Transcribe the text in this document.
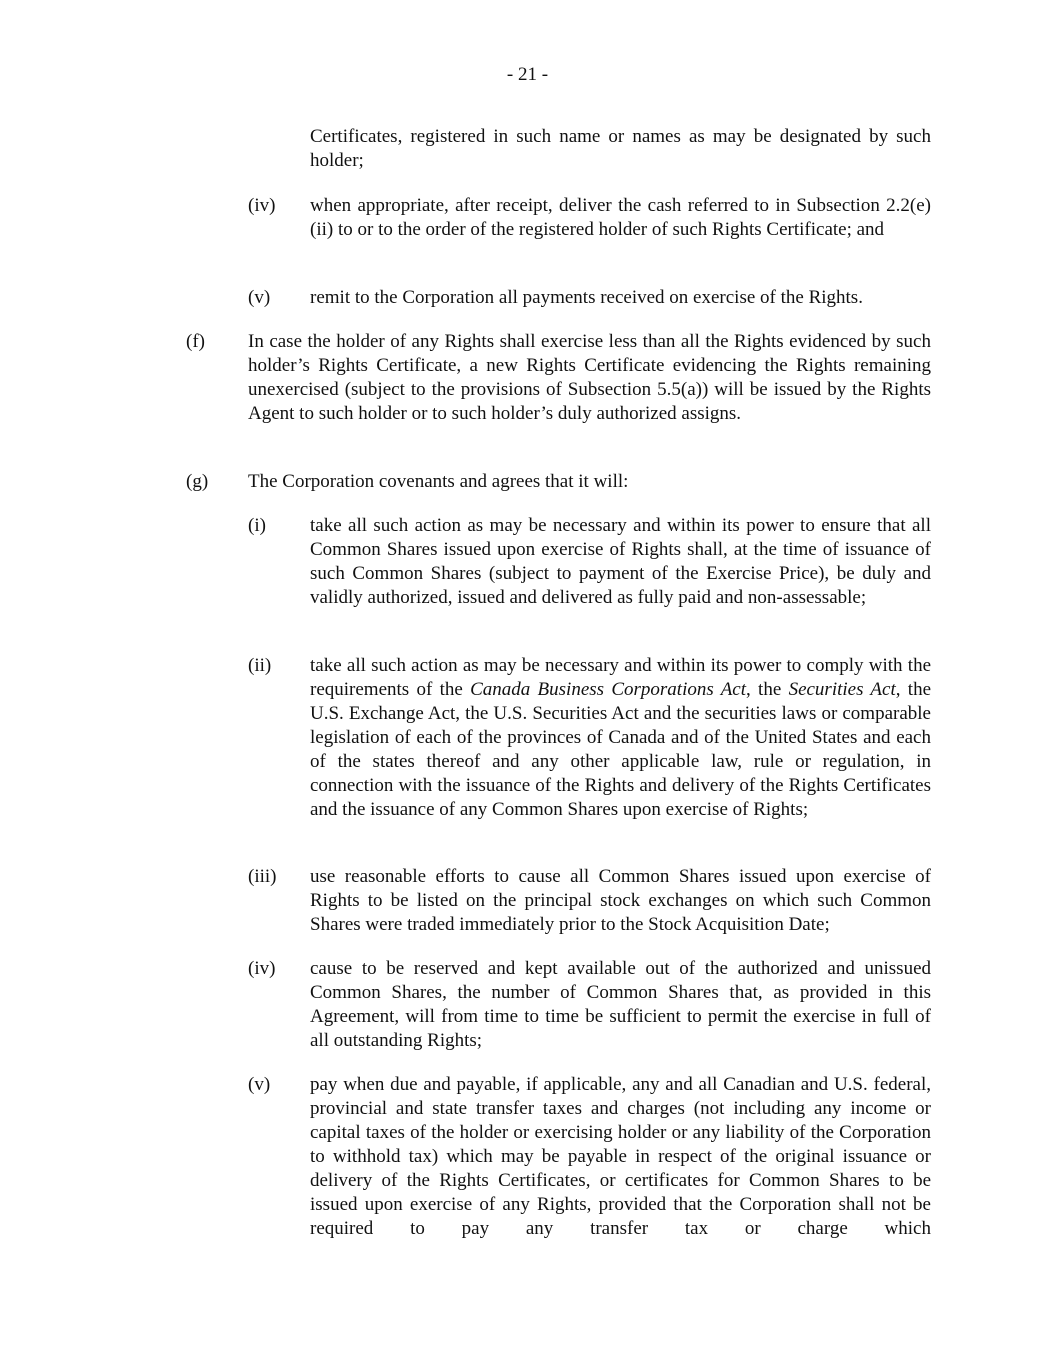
- 21 -
Certificates, registered in such name or names as may be designated by such holder;
(iv) when appropriate, after receipt, deliver the cash referred to in Subsection 2.2(e)(ii) to or to the order of the registered holder of such Rights Certificate; and
(v) remit to the Corporation all payments received on exercise of the Rights.
(f) In case the holder of any Rights shall exercise less than all the Rights evidenced by such holder’s Rights Certificate, a new Rights Certificate evidencing the Rights remaining unexercised (subject to the provisions of Subsection 5.5(a)) will be issued by the Rights Agent to such holder or to such holder’s duly authorized assigns.
(g) The Corporation covenants and agrees that it will:
(i) take all such action as may be necessary and within its power to ensure that all Common Shares issued upon exercise of Rights shall, at the time of issuance of such Common Shares (subject to payment of the Exercise Price), be duly and validly authorized, issued and delivered as fully paid and non-assessable;
(ii) take all such action as may be necessary and within its power to comply with the requirements of the Canada Business Corporations Act, the Securities Act, the U.S. Exchange Act, the U.S. Securities Act and the securities laws or comparable legislation of each of the provinces of Canada and of the United States and each of the states thereof and any other applicable law, rule or regulation, in connection with the issuance of the Rights and delivery of the Rights Certificates and the issuance of any Common Shares upon exercise of Rights;
(iii) use reasonable efforts to cause all Common Shares issued upon exercise of Rights to be listed on the principal stock exchanges on which such Common Shares were traded immediately prior to the Stock Acquisition Date;
(iv) cause to be reserved and kept available out of the authorized and unissued Common Shares, the number of Common Shares that, as provided in this Agreement, will from time to time be sufficient to permit the exercise in full of all outstanding Rights;
(v) pay when due and payable, if applicable, any and all Canadian and U.S. federal, provincial and state transfer taxes and charges (not including any income or capital taxes of the holder or exercising holder or any liability of the Corporation to withhold tax) which may be payable in respect of the original issuance or delivery of the Rights Certificates, or certificates for Common Shares to be issued upon exercise of any Rights, provided that the Corporation shall not be required to pay any transfer tax or charge which
